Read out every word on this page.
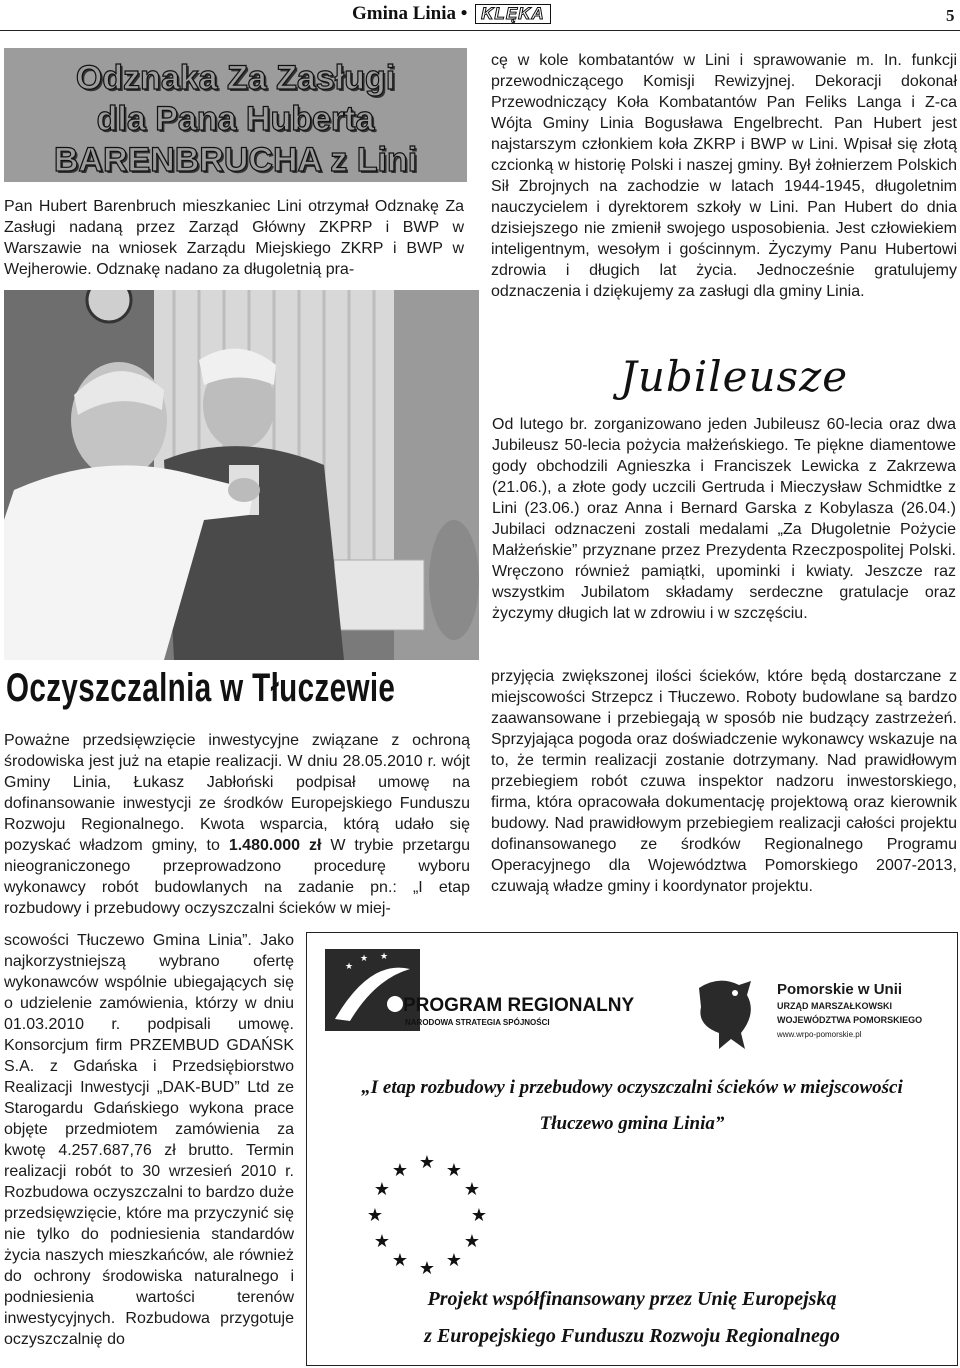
Gmina Linia • KLĘKA	5
Odznaka Za Zasługi
dla Pana Huberta
BARENBRUCHA z Lini

Pan Hubert Barenbruch mieszkaniec Lini otrzymał Odznakę Za Zasługi nadaną przez Zarząd Główny ZKPRP i BWP w Warszawie na wniosek Zarządu Miejskiego ZKRP i BWP w Wejherowie. Odznakę nadano za długoletnią pra-

cę w kole kombatantów w Lini i sprawowanie m. In. funkcji przewodniczącego Komisji Rewizyjnej. Dekoracji dokonał Przewodniczący Koła Kombatantów Pan Feliks Langa i Z-ca Wójta Gminy Linia Bogusława Engelbrecht. Pan Hubert jest najstarszym członkiem koła ZKRP i BWP w Lini. Wpisał się złotą czcionką w historię Polski i naszej gminy. Był żołnierzem Polskich Sił Zbrojnych na zachodzie w latach 1944-1945, długoletnim nauczycielem i dyrektorem szkoły w Lini. Pan Hubert do dnia dzisiejszego nie zmienił swojego usposobienia. Jest człowiekiem inteligentnym, wesołym i gościnnym. Życzymy Panu Hubertowi zdrowia i długich lat życia. Jednocześnie gratulujemy odznaczenia i dziękujemy za zasługi dla gminy Linia.

Jubileusze

Od lutego br. zorganizowano jeden Jubileusz 60-lecia oraz dwa Jubileusz 50-lecia pożycia małżeńskiego. Te piękne diamentowe gody obchodzili Agnieszka i Franciszek Lewicka z Zakrzewa (21.06.), a złote gody uczcili Gertruda i Mieczysław Schmidtke z Lini (23.06.) oraz Anna i Bernard Garska z Kobylasza (26.04.) Jubilaci odznaczeni zostali medalami „Za Długoletnie Pożycie Małżeńskie” przyznane przez Prezydenta Rzeczpospolitej Polski. Wręczono również pamiątki, upominki i kwiaty. Jeszcze raz wszystkim Jubilatom składamy serdeczne gratulacje oraz życzymy długich lat w zdrowiu i w szczęściu.

Oczyszczalnia w Tłuczewie

Poważne przedsięwzięcie inwestycyjne związane z ochroną środowiska jest już na etapie realizacji. W dniu 28.05.2010 r. wójt Gminy Linia, Łukasz Jabłoński podpisał umowę na dofinansowanie inwestycji ze środków Europejskiego Funduszu Rozwoju Regionalnego. Kwota wsparcia, którą udało się pozyskać władzom gminy, to 1.480.000 zł W trybie przetargu nieograniczonego przeprowadzono procedurę wyboru wykonawcy robót budowlanych na zadanie pn.: „I etap rozbudowy i przebudowy oczyszczalni ścieków w miej-

scowości Tłuczewo Gmina Linia”. Jako najkorzystniejszą wybrano ofertę wykonawców wspólnie ubiegających się o udzielenie zamówienia, którzy w dniu 01.03.2010 r. podpisali umowę. Konsorcjum firm PRZEMBUD GDAŃSK S.A. z Gdańska i Przedsiębiorstwo Realizacji Inwestycji „DAK-BUD” Ltd ze Starogardu Gdańskiego wykona prace objęte przedmiotem zamówienia za kwotę 4.257.687,76 zł brutto. Termin realizacji robót to 30 wrzesień 2010 r. Rozbudowa oczyszczalni to bardzo duże przedsięwzięcie, które ma przyczynić się nie tylko do podniesienia standardów życia naszych mieszkańców, ale również do ochrony środowiska naturalnego i podniesienia wartości terenów inwestycyjnych. Rozbudowa przygotuje oczyszczalnię do

przyjęcia zwiększonej ilości ścieków, które będą dostarczane z miejscowości Strzepcz i Tłuczewo. Roboty budowlane są bardzo zaawansowane i przebiegają w sposób nie budzący zastrzeżeń. Sprzyjająca pogoda oraz doświadczenie wykonawcy wskazuje na to, że termin realizacji zostanie dotrzymany. Nad prawidłowym przebiegiem robót czuwa inspektor nadzoru inwestorskiego, firma, która opracowała dokumentację projektową oraz kierownik budowy. Nad prawidłowym przebiegiem realizacji całości projektu dofinansowanego ze środków Regionalnego Programu Operacyjnego dla Województwa Pomorskiego 2007-2013, czuwają władze gminy i koordynator projektu.

★
★ ★
PROGRAM REGIONALNY
NARODOWA STRATEGIA SPÓJNOŚCI
Pomorskie w Unii
URZĄD MARSZAŁKOWSKI
WOJEWÓDZTWA POMORSKIEGO
www.wrpo-pomorskie.pl
„I etap rozbudowy i przebudowy oczyszczalni ścieków w miejscowości
Tłuczewo gmina Linia”
★ ★
★
★
★
★
★
★
★
★
★
★
Projekt współfinansowany przez Unię Europejską
z Europejskiego Funduszu Rozwoju Regionalnego
